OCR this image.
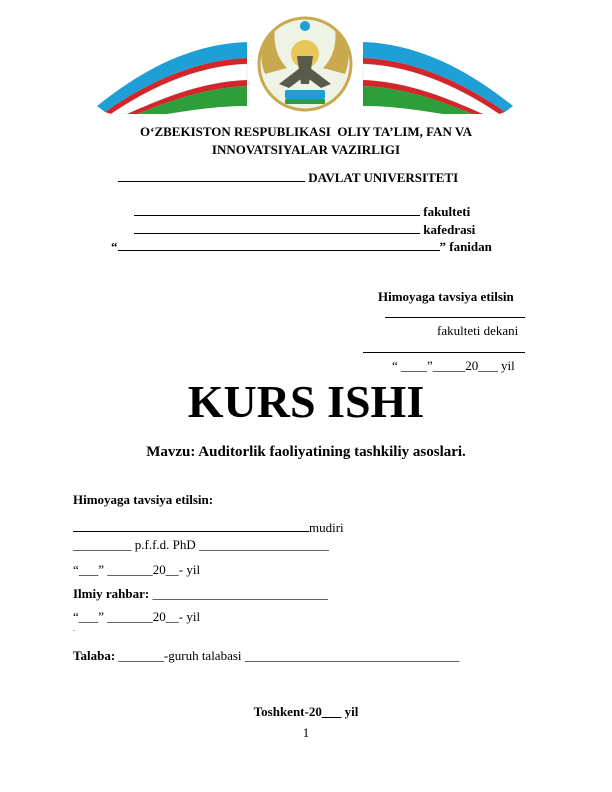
O‘ZBEKISTON RESPUBLIKASI  OLIY TA’LIM, FAN VA
INNOVATSIYALAR VAZIRLIGI
DAVLAT UNIVERSITETI
fakulteti
kafedrasi
“	” fanidan
Himoyaga tavsiya etilsin
fakulteti dekani
“ ____”_____20___ yil
KURS ISHI
Mavzu: Auditorlik faoliyatining tashkiliy asoslari.
Himoyaga tavsiya etilsin:
mudiri
_________ p.f.f.d. PhD ____________________
“___” _______20__- yil
Ilmiy rahbar: ___________________________
“___” _______20__- yil
-
Talaba: _______-guruh talabasi _________________________________
Toshkent-20___ yil
1
